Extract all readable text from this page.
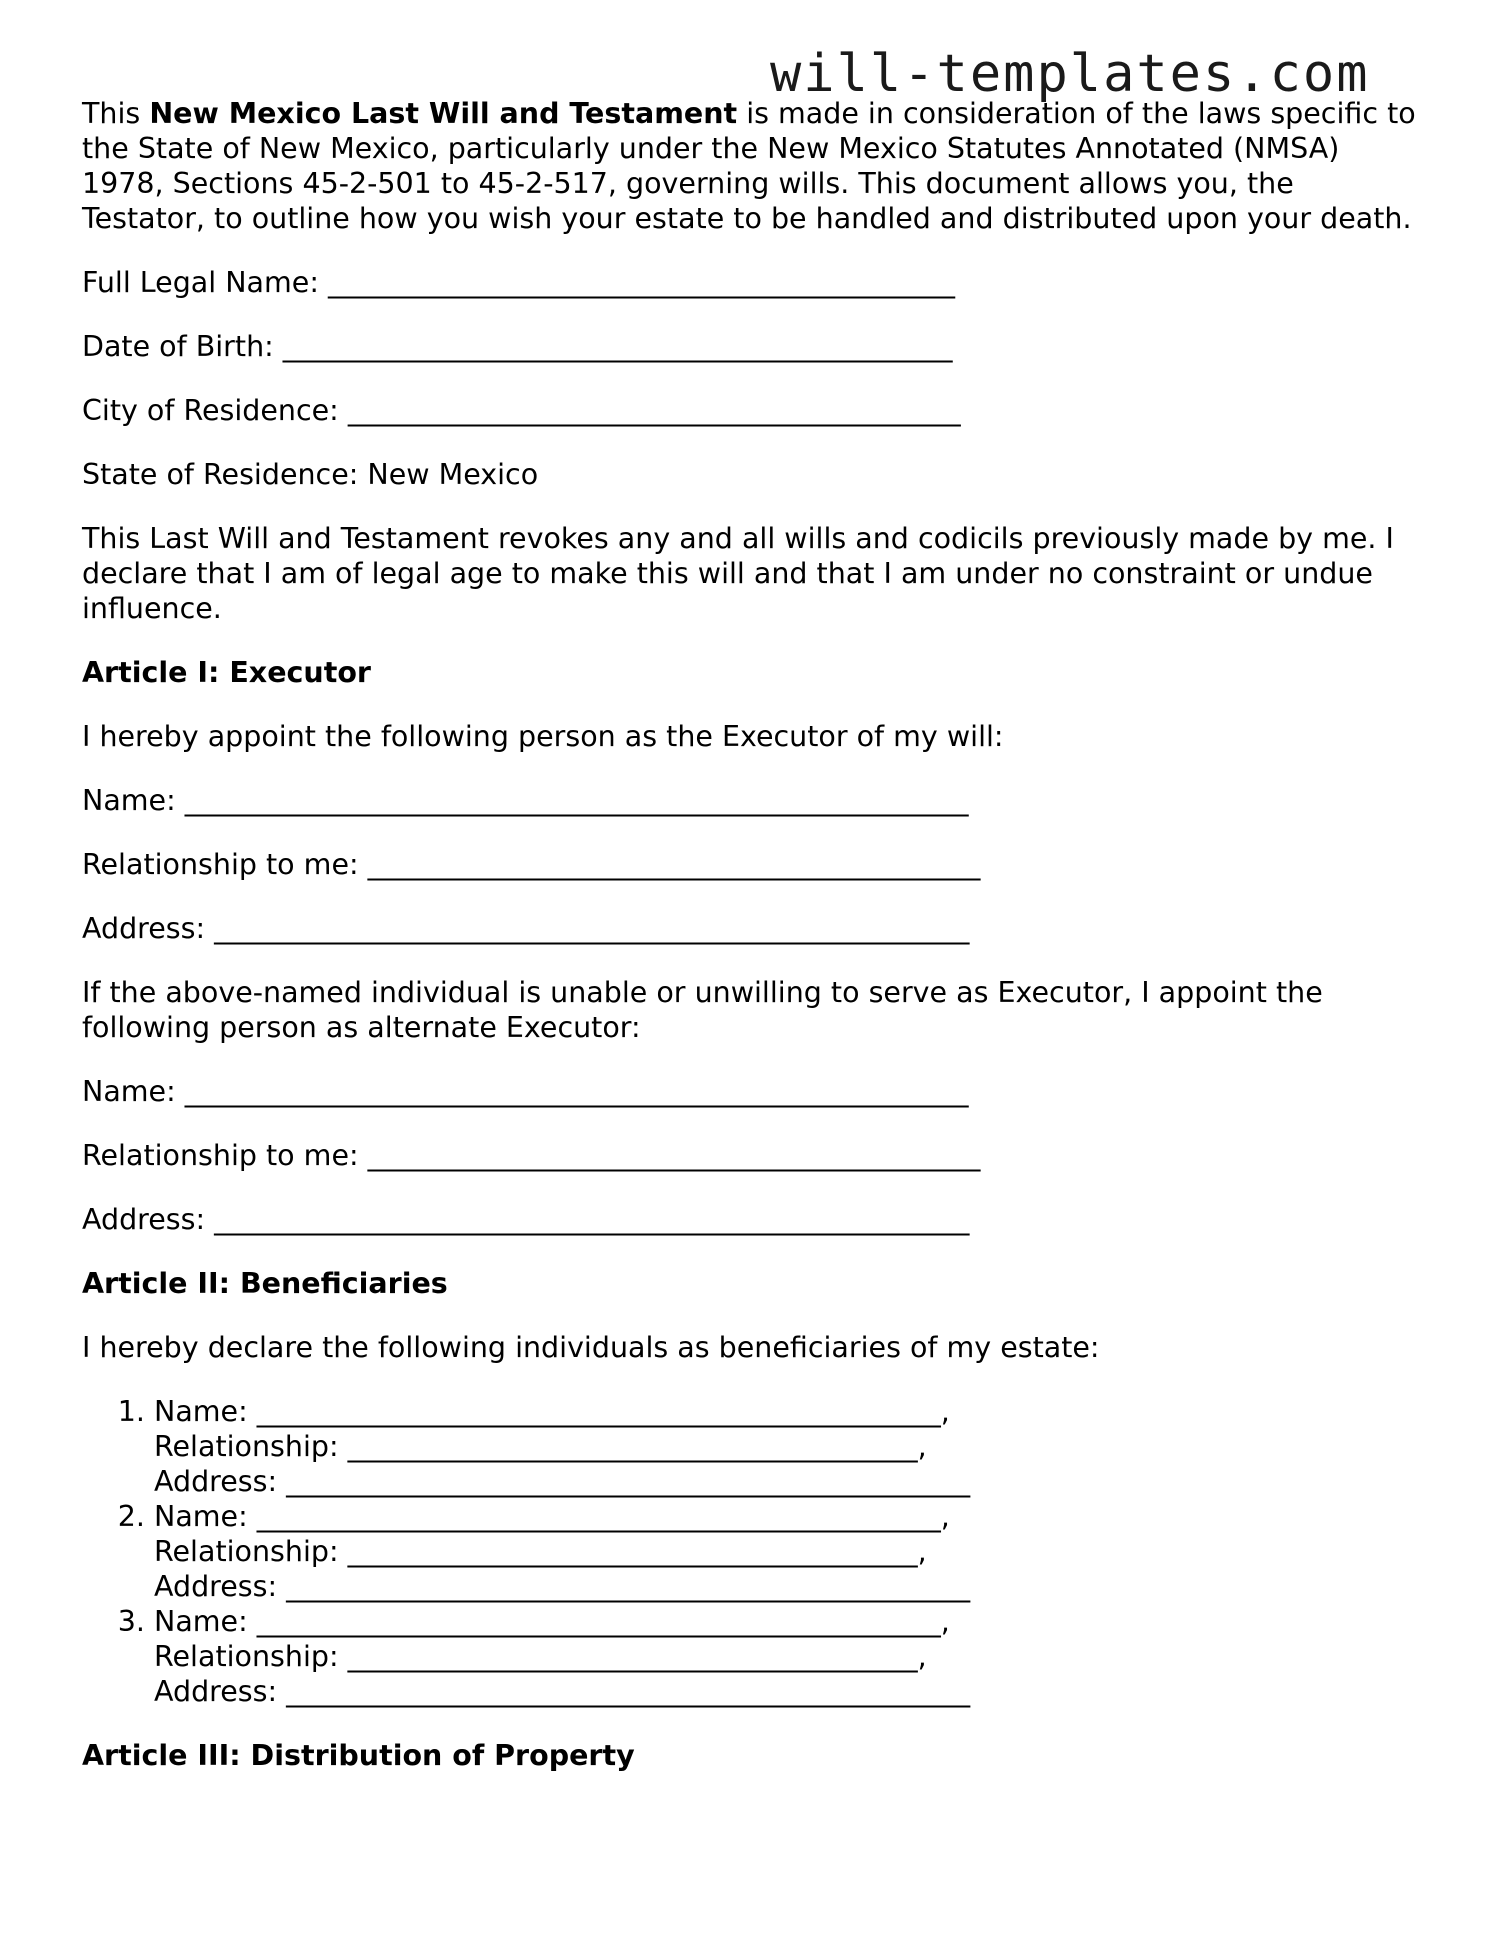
will-templates.com

This New Mexico Last Will and Testament is made in consideration of the laws specific to the State of New Mexico, particularly under the New Mexico Statutes Annotated (NMSA) 1978, Sections 45-2-501 to 45-2-517, governing wills. This document allows you, the Testator, to outline how you wish your estate to be handled and distributed upon your death.

Full Legal Name: ____________________________________________

Date of Birth: _______________________________________________

City of Residence: ___________________________________________

State of Residence: New Mexico

This Last Will and Testament revokes any and all wills and codicils previously made by me. I declare that I am of legal age to make this will and that I am under no constraint or undue influence.

Article I: Executor

I hereby appoint the following person as the Executor of my will:

Name: _______________________________________________________

Relationship to me: ___________________________________________

Address: _____________________________________________________

If the above-named individual is unable or unwilling to serve as Executor, I appoint the following person as alternate Executor:

Name: _______________________________________________________

Relationship to me: ___________________________________________

Address: _____________________________________________________

Article II: Beneficiaries

I hereby declare the following individuals as beneficiaries of my estate:

1. Name: ________________________________________________,
Relationship: ________________________________________,
Address: ________________________________________________
2. Name: ________________________________________________,
Relationship: ________________________________________,
Address: ________________________________________________
3. Name: ________________________________________________,
Relationship: ________________________________________,
Address: ________________________________________________

Article III: Distribution of Property
